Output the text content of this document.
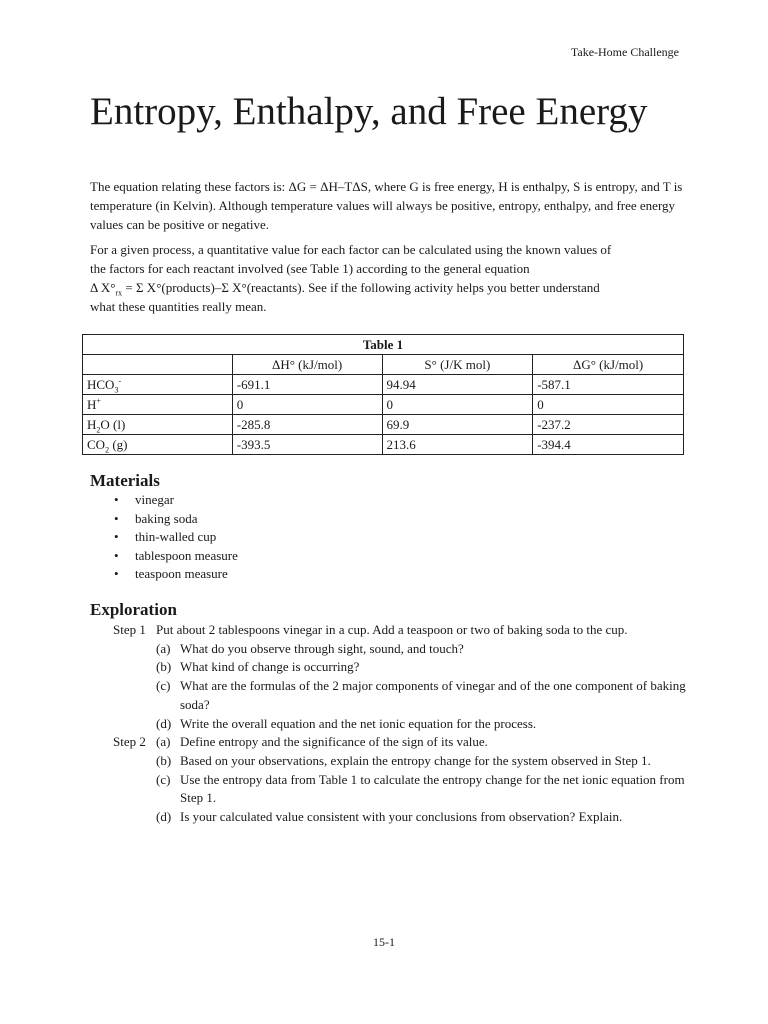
Take-Home Challenge
Entropy, Enthalpy, and Free Energy

The equation relating these factors is: ΔG = ΔH–TΔS, where G is free energy, H is enthalpy, S is entropy, and T is temperature (in Kelvin). Although temperature values will always be positive, entropy, enthalpy, and free energy values can be positive or negative.

For a given process, a quantitative value for each factor can be calculated using the known values of
the factors for each reactant involved (see Table 1) according to the general equation
Δ $X^\circ_{rx} = \Sigma$ X°(products)–Σ X°(reactants). See if the following activity helps you better understand
what these quantities really mean.

Table 1			
	ΔH° (kJ/mol)	S° (J/K mol)	ΔG° (kJ/mol)
$HCO_3^-$	-691.1	94.94	-587.1
H+	0	0	0
$H_2O$ (l)	-285.8	69.9	-237.2
$CO_2$ (g)	-393.5	213.6	-394.4
Materials
• vinegar
• baking soda
• thin-walled cup
• tablespoon measure
• teaspoon measure
Exploration
Step 1 Put about 2 tablespoons vinegar in a cup. Add a teaspoon or two of baking soda to the cup.
(a) What do you observe through sight, sound, and touch?
(b) What kind of change is occurring?
(c) What are the formulas of the 2 major components of vinegar and of the one component of baking soda?
(d) Write the overall equation and the net ionic equation for the process.
Step 2 (a) Define entropy and the significance of the sign of its value.
(b) Based on your observations, explain the entropy change for the system observed in Step 1.
(c) Use the entropy data from Table 1 to calculate the entropy change for the net ionic equation from Step 1.
(d) Is your calculated value consistent with your conclusions from observation? Explain.
15-1
